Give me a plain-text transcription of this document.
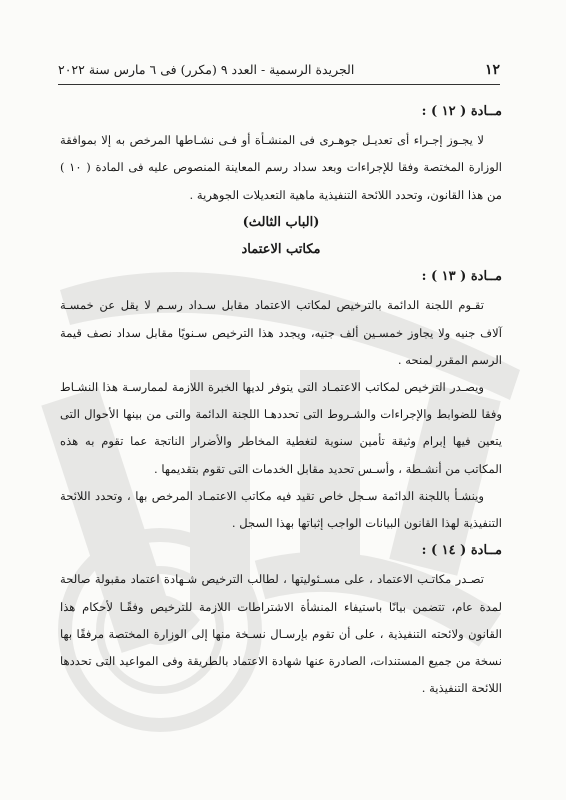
١٢
الجريدة الرسمية - العدد ٩ (مكرر) فى ٦ مارس سنة ٢٠٢٢

مــادة ( ١٢ ) :

لا يجـوز إجـراء أى تعديـل جوهـرى فى المنشـأة أو فـى نشـاطها المرخص به إلا بموافقة الوزارة المختصة وفقا للإجراءات وبعد سداد رسم المعاينة المنصوص عليه فى المادة ( ١٠ ) من هذا القانون، وتحدد اللائحة التنفيذية ماهية التعديلات الجوهرية .

(الباب الثالث)

مكاتب الاعتماد

مــادة ( ١٣ ) :

تقـوم اللجنة الدائمة بالترخيص لمكاتب الاعتماد مقابل سـداد رسـم لا يقل عن خمسـة آلاف جنيه ولا يجاوز خمسـين ألف جنيه، ويجدد هذا الترخيص سـنويًا مقابل سداد نصف قيمة الرسم المقرر لمنحه .

ويصـدر الترخيص لمكاتب الاعتمـاد التى يتوفر لديها الخبرة اللازمة لممارسـة هذا النشـاط وفقا للضوابط والإجراءات والشـروط التى تحددهـا اللجنة الدائمة والتى من بينها الأحوال التى يتعين فيها إبرام وثيقة تأمين سنوية لتغطية المخاطر والأضرار الناتجة عما تقوم به هذه المكاتب من أنشـطة ، وأسـس تحديد مقابل الخدمات التى تقوم بتقديمها .

وينشـأ باللجنة الدائمة سـجل خاص تقيد فيه مكاتب الاعتمـاد المرخص بها ، وتحدد اللائحة التنفيذية لهذا القانون البيانات الواجب إثباتها بهذا السجل .

مــادة ( ١٤ ) :

تصـدر مكاتـب الاعتماد ، على مسـئوليتها ، لطالب الترخيص شـهادة اعتماد مقبولة صالحة لمدة عام، تتضمن بيانًا باستيفاء المنشأة الاشتراطات اللازمة للترخيص وفقًـا لأحكام هذا القانون ولائحته التنفيذية ، على أن تقوم بإرسـال نسـخة منها إلى الوزارة المختصة مرفقًا بها نسخة من جميع المستندات، الصادرة عنها شهادة الاعتماد بالطريقة وفى المواعيد التى تحددها اللائحة التنفيذية .
